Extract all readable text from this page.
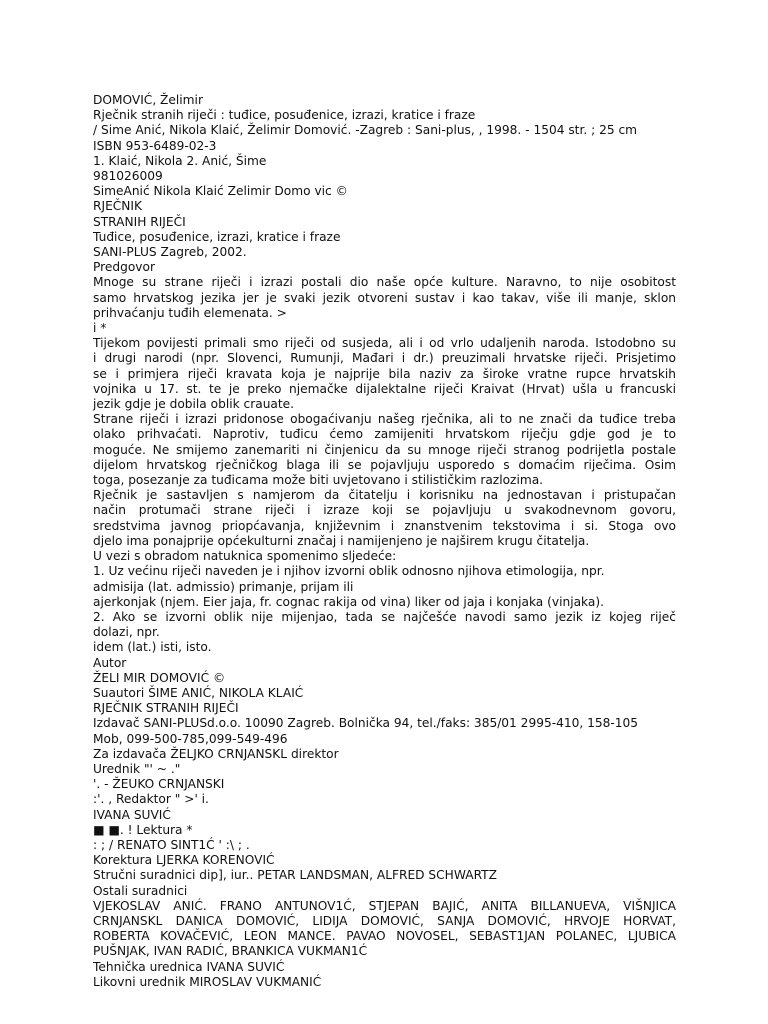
DOMOVIĆ, Želimir
Rječnik stranih riječi : tuđice, posuđenice, izrazi, kratice i fraze
/ Sime Anić, Nikola Klaić, Želimir Domović. -Zagreb : Sani-plus, , 1998. - 1504 str. ; 25 cm
ISBN 953-6489-02-3
1. Klaić, Nikola 2. Anić, Šime
981026009
SimeAnić Nikola Klaić Zelimir Domo vic ©
RJEČNIK
STRANIH RIJEČI
Tuđice, posuđenice, izrazi, kratice i fraze
SANI-PLUS Zagreb, 2002.
Predgovor
Mnoge su strane riječi i izrazi postali dio naše opće kulture. Naravno, to nije osobitost
samo hrvatskog jezika jer je svaki jezik otvoreni sustav i kao takav, više ili manje, sklon
prihvaćanju tuđih elemenata. >
i *
Tijekom povijesti primali smo riječi od susjeda, ali i od vrlo udaljenih naroda. Istodobno su
i drugi narodi (npr. Slovenci, Rumunji, Mađari i dr.) preuzimali hrvatske riječi. Prisjetimo
se i primjera riječi kravata koja je najprije bila naziv za široke vratne rupce hrvatskih
vojnika u 17. st. te je preko njemačke dijalektalne riječi Kraivat (Hrvat) ušla u francuski
jezik gdje je dobila oblik crauate.
Strane riječi i izrazi pridonose obogaćivanju našeg rječnika, ali to ne znači da tuđice treba
olako prihvaćati. Naprotiv, tuđicu ćemo zamijeniti hrvatskom riječju gdje god je to
moguće. Ne smijemo zanemariti ni činjenicu da su mnoge riječi stranog podrijetla postale
dijelom hrvatskog rječničkog blaga ili se pojavljuju usporedo s domaćim riječima. Osim
toga, posezanje za tuđicama može biti uvjetovano i stilističkim razlozima.
Rječnik je sastavljen s namjerom da čitatelju i korisniku na jednostavan i pristupačan
način protumači strane riječi i izraze koji se pojavljuju u svakodnevnom govoru,
sredstvima javnog priopćavanja, književnim i znanstvenim tekstovima i si. Stoga ovo
djelo ima ponajprije općekulturni značaj i namijenjeno je najširem krugu čitatelja.
U vezi s obradom natuknica spomenimo sljedeće:
1. Uz većinu riječi naveden je i njihov izvorni oblik odnosno njihova etimologija, npr.
admisija (lat. admissio) primanje, prijam ili
ajerkonjak (njem. Eier jaja, fr. cognac rakija od vina) liker od jaja i konjaka (vinjaka).
2. Ako se izvorni oblik nije mijenjao, tada se najčešće navodi samo jezik iz kojeg riječ
dolazi, npr.
idem (lat.) isti, isto.
Autor
ŽELI MIR DOMOVIĆ ©
Suautori ŠIME ANIĆ, NIKOLA KLAIĆ
RJEČNIK STRANIH RIJEČI
Izdavač SANI-PLUSd.o.o. 10090 Zagreb. Bolnička 94, tel./faks: 385/01 2995-410, 158-105
Mob, 099-500-785,099-549-496
Za izdavača ŽELJKO CRNJANSKL direktor
Urednik "' ~ ."
'. - ŽEUKO CRNJANSKI
:'. , Redaktor " >' i.
IVANA SUVIĆ
■ ■. ! Lektura *
: ; / RENATO SINT1Ć ' :\ ; .
Korektura LJERKA KORENOVIĆ
Stručni suradnici dip], iur.. PETAR LANDSMAN, ALFRED SCHWARTZ
Ostali suradnici
VJEKOSLAV ANIĆ. FRANO ANTUNOV1Ć, STJEPAN BAJIĆ, ANITA BILLANUEVA, VIŠNJICA
CRNJANSKL DANICA DOMOVIĆ, LIDIJA DOMOVIĆ, SANJA DOMOVIĆ, HRVOJE HORVAT,
ROBERTA KOVAČEVIĆ, LEON MANCE. PAVAO NOVOSEL, SEBAST1JAN POLANEC, LJUBICA
PUŠNJAK, IVAN RADIĆ, BRANKICA VUKMAN1Ć
Tehnička urednica IVANA SUVIĆ
Likovni urednik MIROSLAV VUKMANIĆ
